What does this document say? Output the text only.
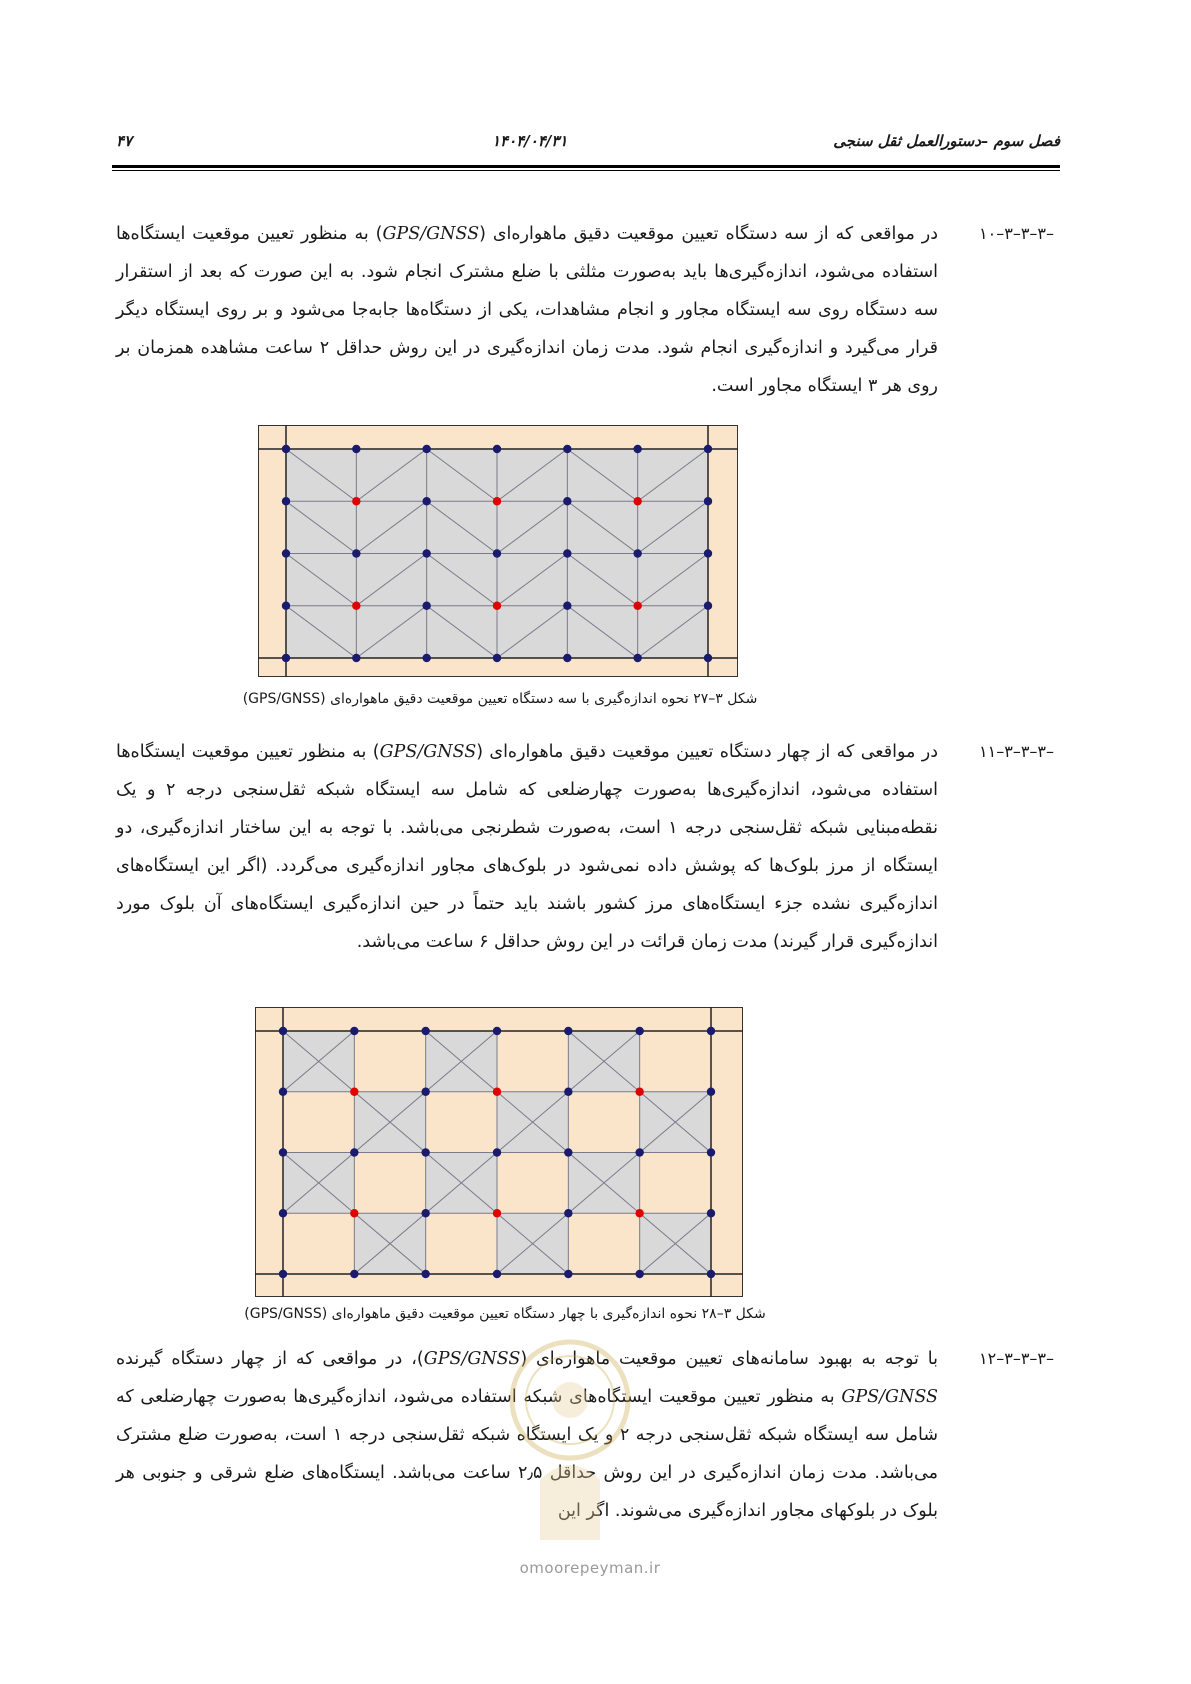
فصل سوم –دستورالعمل ثقل سنجی
۱۴۰۴/۰۴/۳۱
۴۷
۱۰–۳–۳–۳–
در مواقعی که از سه دستگاه تعیین موقعیت دقیق ماهواره‌ای (GPS/GNSS) به منظور تعیین موقعیت ایستگاه‌ها استفاده می‌شود، اندازه‌گیری‌ها باید به‌صورت مثلثی با ضلع مشترک انجام شود. به این صورت که بعد از استقرار سه دستگاه روی سه ایستگاه مجاور و انجام مشاهدات، یکی از دستگاه‌ها جابه‌جا می‌شود و بر روی ایستگاه دیگر قرار می‌گیرد و اندازه‌گیری انجام شود. مدت زمان اندازه‌گیری در این روش حداقل ۲ ساعت مشاهده همزمان بر روی هر ۳ ایستگاه مجاور است.
شکل ۳–۲۷ نحوه اندازه‌گیری با سه دستگاه تعیین موقعیت دقیق ماهواره‌ای (GPS/GNSS)
۱۱–۳–۳–۳–
در مواقعی که از چهار دستگاه تعیین موقعیت دقیق ماهواره‌ای (GPS/GNSS) به منظور تعیین موقعیت ایستگاه‌ها استفاده می‌شود، اندازه‌گیری‌ها به‌صورت چهارضلعی که شامل سه ایستگاه شبکه ثقل‌سنجی درجه ۲ و یک نقطه‌مبنایی شبکه ثقل‌سنجی درجه ۱ است، به‌صورت شطرنجی می‌باشد. با توجه به این ساختار اندازه‌گیری، دو ایستگاه از مرز بلوک‌ها که پوشش داده نمی‌شود در بلوک‌های مجاور اندازه‌گیری می‌گردد. (اگر این ایستگاه‌های اندازه‌گیری نشده جزء ایستگاه‌های مرز کشور باشند باید حتماً در حین اندازه‌گیری ایستگاه‌های آن بلوک مورد اندازه‌گیری قرار گیرند) مدت زمان قرائت در این روش حداقل ۶ ساعت می‌باشد.
شکل ۳–۲۸ نحوه اندازه‌گیری با چهار دستگاه تعیین موقعیت دقیق ماهواره‌ای (GPS/GNSS)
۱۲–۳–۳–۳–
با توجه به بهبود سامانه‌های تعیین موقعیت ماهواره‌ای (GPS/GNSS)، در مواقعی که از چهار دستگاه گیرنده GPS/GNSS به منظور تعیین موقعیت ایستگاه‌های شبکه استفاده می‌شود، اندازه‌گیری‌ها به‌صورت چهارضلعی که شامل سه ایستگاه شبکه ثقل‌سنجی درجه ۲ و یک ایستگاه شبکه ثقل‌سنجی درجه ۱ است، به‌صورت ضلع مشترک می‌باشد. مدت زمان اندازه‌گیری در این روش حداقل ۲٫۵ ساعت می‌باشد. ایستگاه‌های ضلع شرقی و جنوبی هر بلوک در بلوکهای مجاور اندازه‌گیری می‌شوند. اگر این
omoorepeyman.ir
